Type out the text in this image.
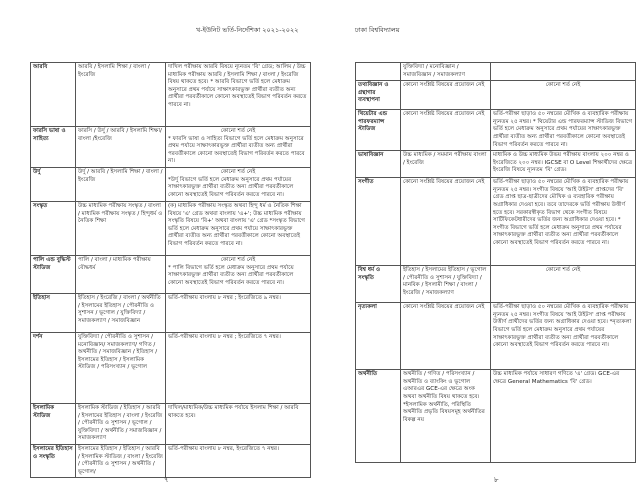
খ-ইউনিট ভর্তি-নির্দেশিকা ২০২১-২০২২	ঢাকা বিশ্ববিদ্যালয়
আরবি	আরবি / ইসলামি শিক্ষা / বাংলা / ইংরেজি	দাখিল পরীক্ষায় আরবি বিষয়ে ন্যূনতম 'বি' গ্রেড; আলিম / উচ্চ মাধ্যমিক পরীক্ষায় আরবি / ইসলামি শিক্ষা / বাংলা / ইংরেজি বিষয় থাকতে হবে। * আরবি বিভাগে ভর্তি হলে মেধাক্রম অনুসারে প্রথম পর্যায়ে সাক্ষাৎকারভুক্ত প্রার্থীরা ব্যতীত অন্য প্রার্থীরা পরবর্তীকালে কোনো অবস্থাতেই বিভাগ পরিবর্তন করতে পারবে না।
ফারসি ভাষা ও সাহিত্য	ফারসি / উর্দু / আরবি / ইসলামি শিক্ষা/বাংলা /ইংরেজি	কোনো শর্ত নেই
* ফারসি ভাষা ও সাহিত্য বিভাগে ভর্তি হলে মেধাক্রম অনুসারে প্রথম পর্যায়ে সাক্ষাৎকারভুক্ত প্রার্থীরা ব্যতীত অন্য প্রার্থীরা পরবর্তীকালে কোনো অবস্থাতেই বিভাগ পরিবর্তন করতে পারবে না।
উর্দু	উর্দু / আরবি / ইসলামি শিক্ষা / বাংলা / ইংরেজি	কোনো শর্ত নেই
*উর্দু বিভাগে ভর্তি হলে মেধাক্রম অনুসারে প্রথম পর্যায়ের সাক্ষাৎকারভুক্ত প্রার্থীরা ব্যতীত অন্য প্রার্থীরা পরবর্তীকালে কোনো অবস্থাতেই বিভাগ পরিবর্তন করতে পারবে না।
সংস্কৃত	উচ্চ মাধ্যমিক পরীক্ষায় সংস্কৃত / বাংলা / মাধ্যমিক পরীক্ষায় সংস্কৃত / হিন্দুধর্ম ও নৈতিক শিক্ষা	(ক) মাধ্যমিক পরীক্ষায় সংস্কৃত অথবা হিন্দু ধর্ম ও নৈতিক শিক্ষা বিষয়ে 'এ' গ্রেড অথবা বাংলায় 'এ+'; উচ্চ মাধ্যমিক পরীক্ষায় সংস্কৃতি বিষয়ে 'বি+' অথবা বাংলায় 'এ' গ্রেড *সংস্কৃত বিভাগে ভর্তি হলে মেধাক্রম অনুসারে প্রথম পর্যায়ে সাক্ষাৎকারভুক্ত প্রার্থীরা ব্যতীত অন্য প্রার্থীরা পরবর্তীকালে কোনো অবস্থাতেই বিভাগ পরিবর্তন করতে পারবে না।
পালি এন্ড বুদ্ধিস্ট স্টাডিজ	পালি / বাংলা / মাধ্যমিক পরীক্ষায় বৌদ্ধধর্ম	কোনো শর্ত নেই
* পালি বিভাগে ভর্তি হলে মেধাক্রম অনুসারে প্রথম পর্যায়ে সাক্ষাৎকারভুক্ত প্রার্থীরা ব্যতীত অন্য প্রার্থীরা পরবর্তীকালে কোনো অবস্থাতেই বিভাগ পরিবর্তন করতে পারবে না।
ইতিহাস	ইতিহাস / ইংরেজি / বাংলা / অর্থনীতি / ইসলামের ইতিহাস / পৌরনীতি ও সুশাসন / ভূগোল / যুক্তিবিদ্যা / সমাজকল্যাণ / সমাজবিজ্ঞান	ভর্তি-পরীক্ষায় বাংলায় ৮ নম্বর ; ইংরেজিতে ৯ নম্বর।
দর্শন	যুক্তিবিদ্যা / পৌরনীতি ও সুশাসন / মনোবিজ্ঞান/ সমাজকল্যাণ/ গণিত / অর্থনীতি / সমাজবিজ্ঞান / ইতিহাস / ইসলামের ইতিহাস / ইসলামিক স্টাডিজ / পরিসংখ্যান / ভূগোল	ভর্তি-পরীক্ষায় বাংলায় ৮ নম্বর ; ইংরেজিতে ৭ নম্বর।
ইসলামিক স্টাডিজ	ইসলামিক স্টাডিজ / ইতিহাস / আরবি / ইসলামের ইতিহাস / বাংলা / ইংরেজি / পৌরনীতি ও সুশাসন / ভূগোল / যুক্তিবিদ্যা / অর্থনীতি / সমাজবিজ্ঞান / সমাজকল্যাণ	দাখিল/মাধ্যমিক/উচ্চ মাধ্যমিক পর্যায়ে ইসলাম শিক্ষা / আরবি থাকতে হবে।
ইসলামের ইতিহাস ও সংস্কৃতি	ইসলামের ইতিহাস / ইতিহাস / আরবি / ইসলামিক স্টাডিজ / বাংলা / ইংরেজি / পৌরনীতি ও সুশাসন / অর্থনীতি / ভূগোল/	ভর্তি-পরীক্ষায় বাংলায় ৮ নম্বর, ইংরেজিতে ৭ নম্বর।
	যুক্তিবিদ্যা / মনোবিজ্ঞান / সমাজবিজ্ঞান / সমাজকল্যাণ	

তথ্যবিজ্ঞান ও গ্রন্থাগার ব্যবস্থাপনা	কোনো সংশ্লিষ্ট বিষয়ের প্রয়োজন নেই	কোনো শর্ত নেই

থিয়েটার এন্ড পারফরম্যান্স স্টাডিজ	কোনো সংশ্লিষ্ট বিষয়ের প্রয়োজন নেই	ভর্তি-পরীক্ষা ছাড়াও ৫০ নম্বরের মৌখিক ও ব্যবহারিক পরীক্ষায় ন্যূনতম ২৫ নম্বর। * থিয়েটার এন্ড পারফরম্যান্স স্টাডিজ বিভাগে ভর্তি হলে মেধাক্রম অনুসারে প্রথম পর্যায়ের সাক্ষাৎকারভুক্ত প্রার্থীরা ব্যতীত অন্য প্রার্থীরা পরবর্তীকালে কোনো অবস্থাতেই বিভাগ পরিবর্তন করতে পারবে না।
ভাষাবিজ্ঞান	উচ্চ মাধ্যমিক / সমমান পরীক্ষায় বাংলা / ইংরেজি	মাধ্যমিক ও উচ্চ মাধ্যমিক উভয় পরীক্ষায় বাংলায় ২০০ নম্বর ও ইংরেজিতে ২০০ নম্বর। IGCSE বা O Level শিক্ষার্থীদের ক্ষেত্রে ইংরেজি বিষয়ে ন্যূনতম 'বি' গ্রেড।
সংগীত	কোনো সংশ্লিষ্ট বিষয়ের প্রয়োজন নেই	ভর্তি-পরীক্ষা ছাড়াও ৫০ নম্বরের মৌখিক ও ব্যবহারিক পরীক্ষায় ন্যূনতম ২৫ নম্বর। সংগীত বিষয়ে 'আই উইটস' প্রাপ্তদের 'বি' গ্রেড প্রাপ্ত ছাত্র-ছাত্রীদের মৌখিক ও ব্যবহারিক পরীক্ষায় অগ্রাধিকার দেওয়া হবে। তবে তাদেরকে ভর্তি পরীক্ষায় উত্তীর্ণ হতে হবে। সরকারস্বীকৃত বিভাগ থেকে সংগীত বিষয়ে সার্টিফিকেটধারীদের ভর্তির জন্য অগ্রাধিকার দেওয়া হবে। * সংগীত বিভাগে ভর্তি হলে মেধাক্রম অনুসারে প্রথম পর্যায়ের সাক্ষাৎকারভুক্ত প্রার্থীরা ব্যতীত অন্য প্রার্থীরা পরবর্তীকালে কোনো অবস্থাতেই বিভাগ পরিবর্তন করতে পারবে না।
বিশ্ব ধর্ম ও সংস্কৃতি	ইতিহাস / ইসলামের ইতিহাস / ভূগোল / পৌরনীতি ও সুশাসন / যুক্তিবিদ্যা / মানবিক / ইসলামী শিক্ষা / বাংলা / ইংরেজি / সমাজকল্যাণ	কোনো শর্ত নেই

নৃত্যকলা	কোনো সংশ্লিষ্ট বিষয়ের প্রয়োজন নেই	ভর্তি-পরীক্ষা ছাড়াও ৫০ নম্বরের মৌখিক ও ব্যবহারিক পরীক্ষায় ন্যূনতম ২৫ নম্বর। সংগীত বিষয়ে 'আই উইটস' প্রাপ্ত পরীক্ষায় উত্তীর্ণ প্রার্থীদের ভর্তির জন্য অগ্রাধিকার দেওয়া হবে। *নৃত্যকলা বিভাগে ভর্তি হলে মেধাক্রম অনুসারে প্রথম পর্যায়ের সাক্ষাৎকারভুক্ত প্রার্থীরা ব্যতীত অন্য প্রার্থীরা পরবর্তীকালে কোনো অবস্থাতেই বিভাগ পরিবর্তন করতে পারবে না।
অর্থনীতি	অর্থনীতি / গণিত / পরিসংখ্যান / অর্থনীতি ও ব্যাংকিং ও ভূগোল এআরএর GCE-এর ক্ষেত্রে অংক অথবা অর্থনীতি বিষয় থাকতে হবে। *ইসলামিক অর্থনীতি, পরিস্থিতি অর্থনীতি প্রভৃতি বিষয়সমূহ অর্থনীতির বিকল্প নয়	উচ্চ মাধ্যমিক পর্যায়ে সাধারণ গণিতে 'এ' গ্রেড। GCE-এর ক্ষেত্রে General Mathematics 'বি' গ্রেড।
৭	৮
